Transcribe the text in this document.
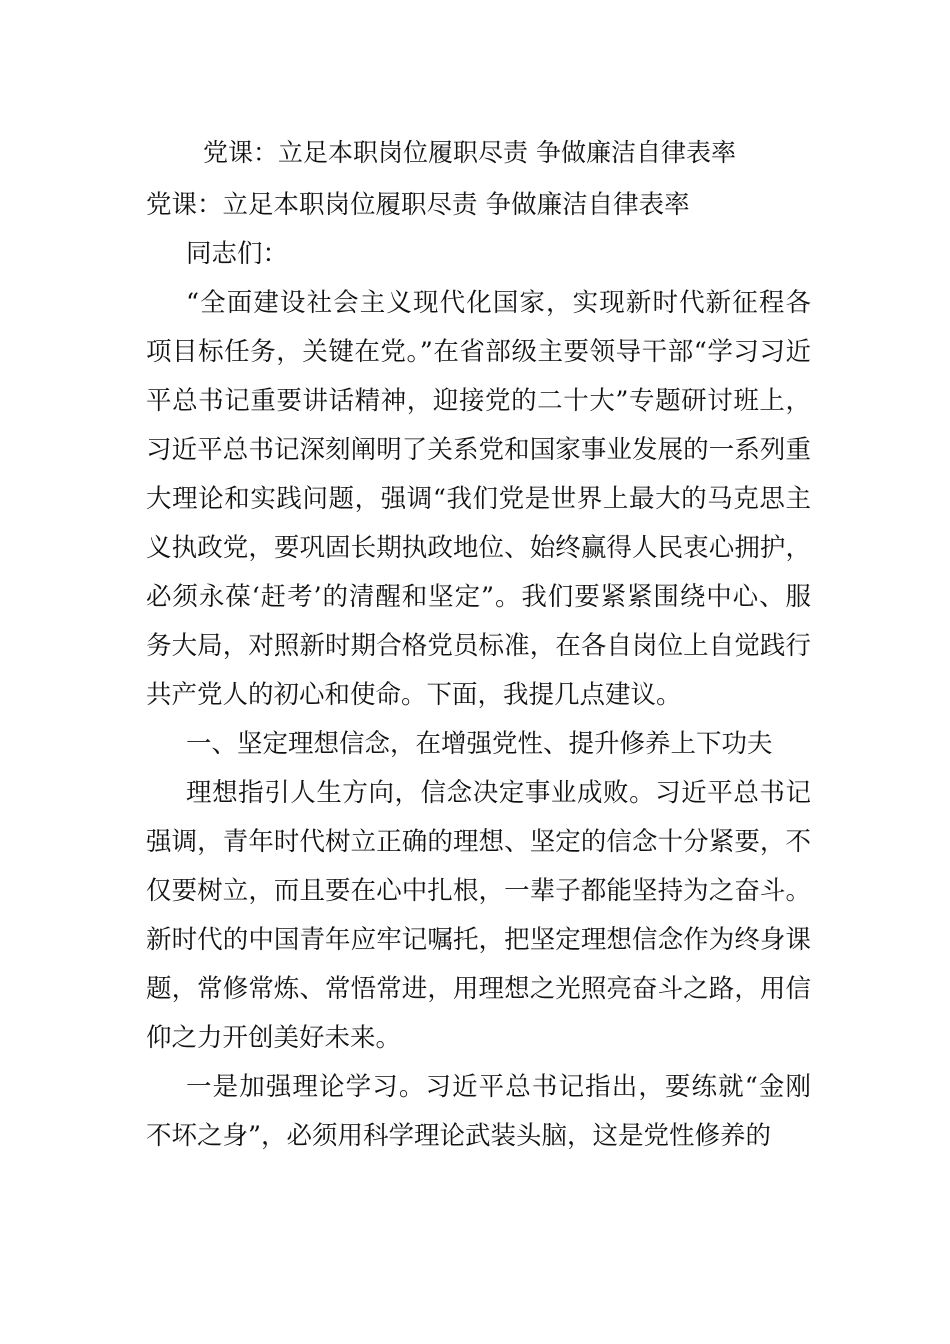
党课：立足本职岗位履职尽责 争做廉洁自律表率

党课：立足本职岗位履职尽责 争做廉洁自律表率

同志们：

“全面建设社会主义现代化国家，实现新时代新征程各项目标任务，关键在党。”在省部级主要领导干部“学习习近平总书记重要讲话精神，迎接党的二十大”专题研讨班上，习近平总书记深刻阐明了关系党和国家事业发展的一系列重大理论和实践问题，强调“我们党是世界上最大的马克思主义执政党，要巩固长期执政地位、始终赢得人民衷心拥护，必须永葆‘赶考’的清醒和坚定”。我们要紧紧围绕中心、服务大局，对照新时期合格党员标准，在各自岗位上自觉践行共产党人的初心和使命。下面，我提几点建议。

一、坚定理想信念，在增强党性、提升修养上下功夫

理想指引人生方向，信念决定事业成败。习近平总书记强调，青年时代树立正确的理想、坚定的信念十分紧要，不仅要树立，而且要在心中扎根，一辈子都能坚持为之奋斗。新时代的中国青年应牢记嘱托，把坚定理想信念作为终身课题，常修常炼、常悟常进，用理想之光照亮奋斗之路，用信仰之力开创美好未来。

一是加强理论学习。习近平总书记指出，要练就“金刚不坏之身”，必须用科学理论武装头脑，这是党性修养的
